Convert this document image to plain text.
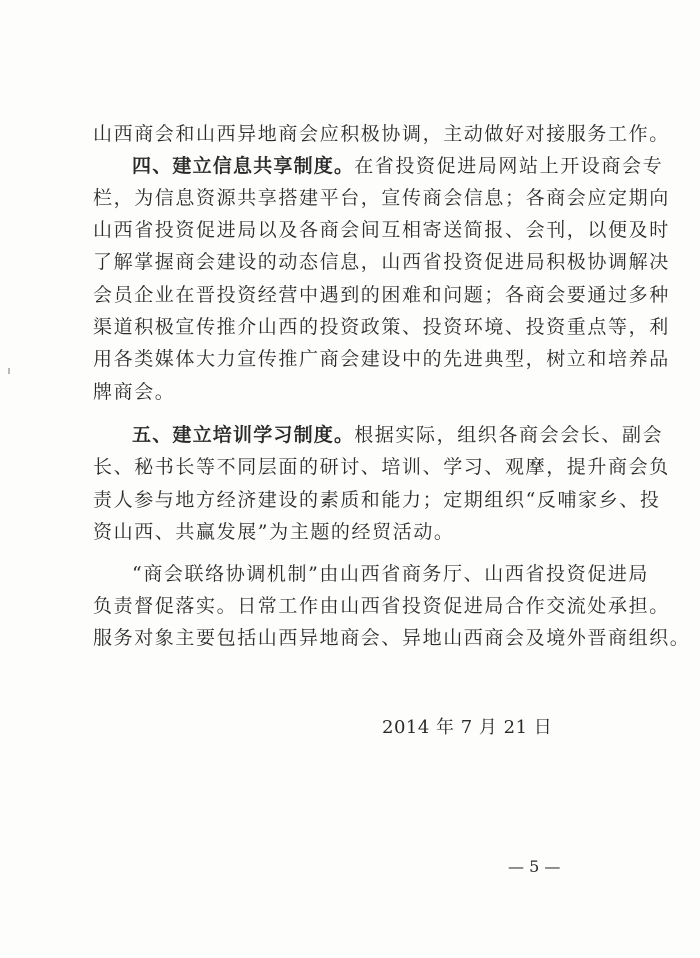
山西商会和山西异地商会应积极协调，主动做好对接服务工作。
四、建立信息共享制度。在省投资促进局网站上开设商会专
栏，为信息资源共享搭建平台，宣传商会信息；各商会应定期向
山西省投资促进局以及各商会间互相寄送简报、会刊，以便及时
了解掌握商会建设的动态信息，山西省投资促进局积极协调解决
会员企业在晋投资经营中遇到的困难和问题；各商会要通过多种
渠道积极宣传推介山西的投资政策、投资环境、投资重点等，利
用各类媒体大力宣传推广商会建设中的先进典型，树立和培养品
牌商会。
五、建立培训学习制度。根据实际，组织各商会会长、副会
长、秘书长等不同层面的研讨、培训、学习、观摩，提升商会负
责人参与地方经济建设的素质和能力；定期组织“反哺家乡、投
资山西、共赢发展”为主题的经贸活动。
“商会联络协调机制”由山西省商务厅、山西省投资促进局
负责督促落实。日常工作由山西省投资促进局合作交流处承担。
服务对象主要包括山西异地商会、异地山西商会及境外晋商组织。
2014 年 7 月 21 日
— 5 —
